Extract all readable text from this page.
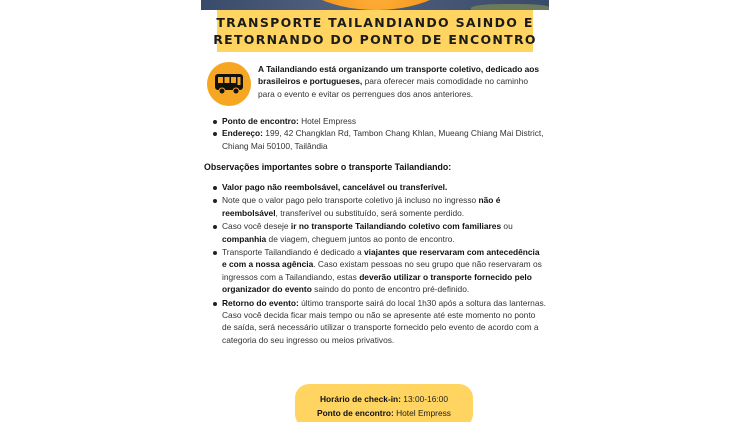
TRANSPORTE TAILANDIANDO SAINDO E
RETORNANDO DO PONTO DE ENCONTRO

A Tailandiando está organizando um transporte coletivo, dedicado aos brasileiros e portugueses, para oferecer mais comodidade no caminho para o evento e evitar os perrengues dos anos anteriores.

Ponto de encontro: Hotel Empress
Endereço: 199, 42 Changklan Rd, Tambon Chang Khlan, Mueang Chiang Mai District, Chiang Mai 50100, Tailândia
Observações importantes sobre o transporte Tailandiando:
Valor pago não reembolsável, cancelável ou transferível.
Note que o valor pago pelo transporte coletivo já incluso no ingresso não é reembolsável, transferível ou substituído, será somente perdido.
Caso você deseje ir no transporte Tailandiando coletivo com familiares ou companhia de viagem, cheguem juntos ao ponto de encontro.
Transporte Tailandiando é dedicado a viajantes que reservaram com antecedência e com a nossa agência. Caso existam pessoas no seu grupo que não reservaram os ingressos com a Tailandiando, estas deverão utilizar o transporte fornecido pelo organizador do evento saindo do ponto de encontro pré-definido.
Retorno do evento: último transporte sairá do local 1h30 após a soltura das lanternas. Caso você decida ficar mais tempo ou não se apresente até este momento no ponto de saída, será necessário utilizar o transporte fornecido pelo evento de acordo com a categoria do seu ingresso ou meios privativos.
Horário de check-in: 13:00-16:00
Ponto de encontro: Hotel Empress
